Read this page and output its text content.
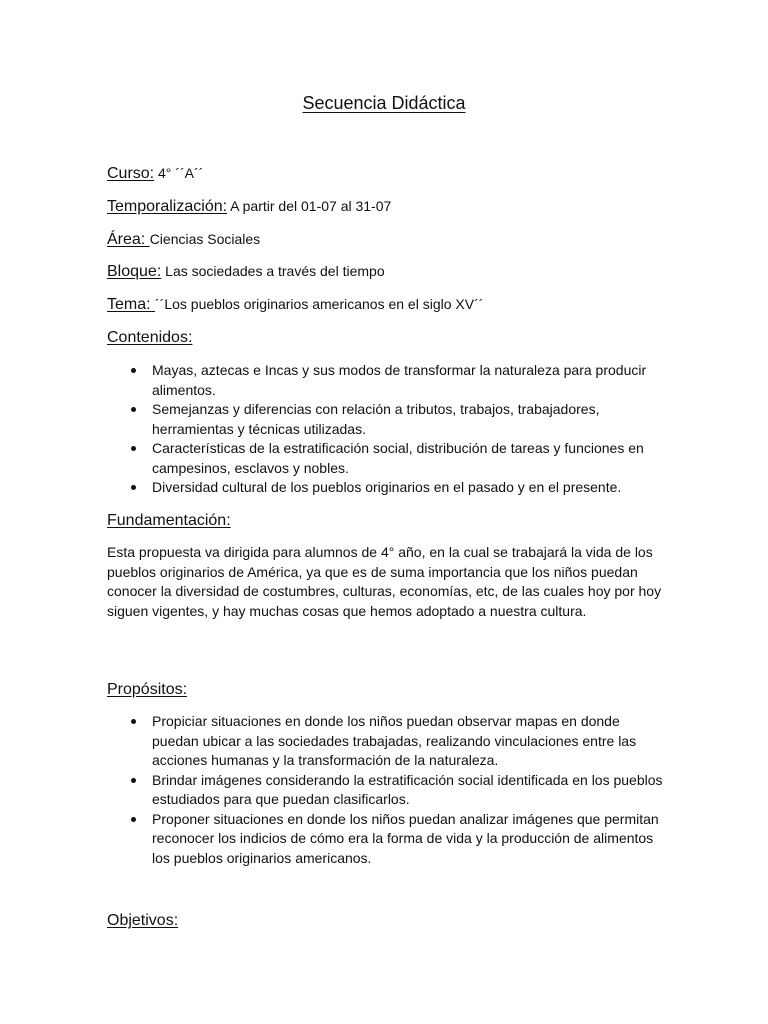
Secuencia Didáctica
Curso: 4° ´´A´´
Temporalización: A partir del 01-07 al 31-07
Área: Ciencias Sociales
Bloque: Las sociedades a través del tiempo
Tema: ´´Los pueblos originarios americanos en el siglo XV´´
Contenidos:
Mayas, aztecas e Incas y sus modos de transformar la naturaleza para producir alimentos.
Semejanzas y diferencias con relación a tributos, trabajos, trabajadores, herramientas y técnicas utilizadas.
Características de la estratificación social, distribución de tareas y funciones en campesinos, esclavos y nobles.
Diversidad cultural de los pueblos originarios en el pasado y en el presente.
Fundamentación:

Esta propuesta va dirigida para alumnos de 4° año, en la cual se trabajará la vida de los pueblos originarios de América, ya que es de suma importancia que los niños puedan conocer la diversidad de costumbres, culturas, economías, etc, de las cuales hoy por hoy siguen vigentes, y hay muchas cosas que hemos adoptado a nuestra cultura.

Propósitos:
Propiciar situaciones en donde los niños puedan observar mapas en donde puedan ubicar a las sociedades trabajadas, realizando vinculaciones entre las acciones humanas y la transformación de la naturaleza.
Brindar imágenes considerando la estratificación social identificada en los pueblos estudiados para que puedan clasificarlos.
Proponer situaciones en donde los niños puedan analizar imágenes que permitan reconocer los indicios de cómo era la forma de vida y la producción de alimentos los pueblos originarios americanos.
Objetivos:
